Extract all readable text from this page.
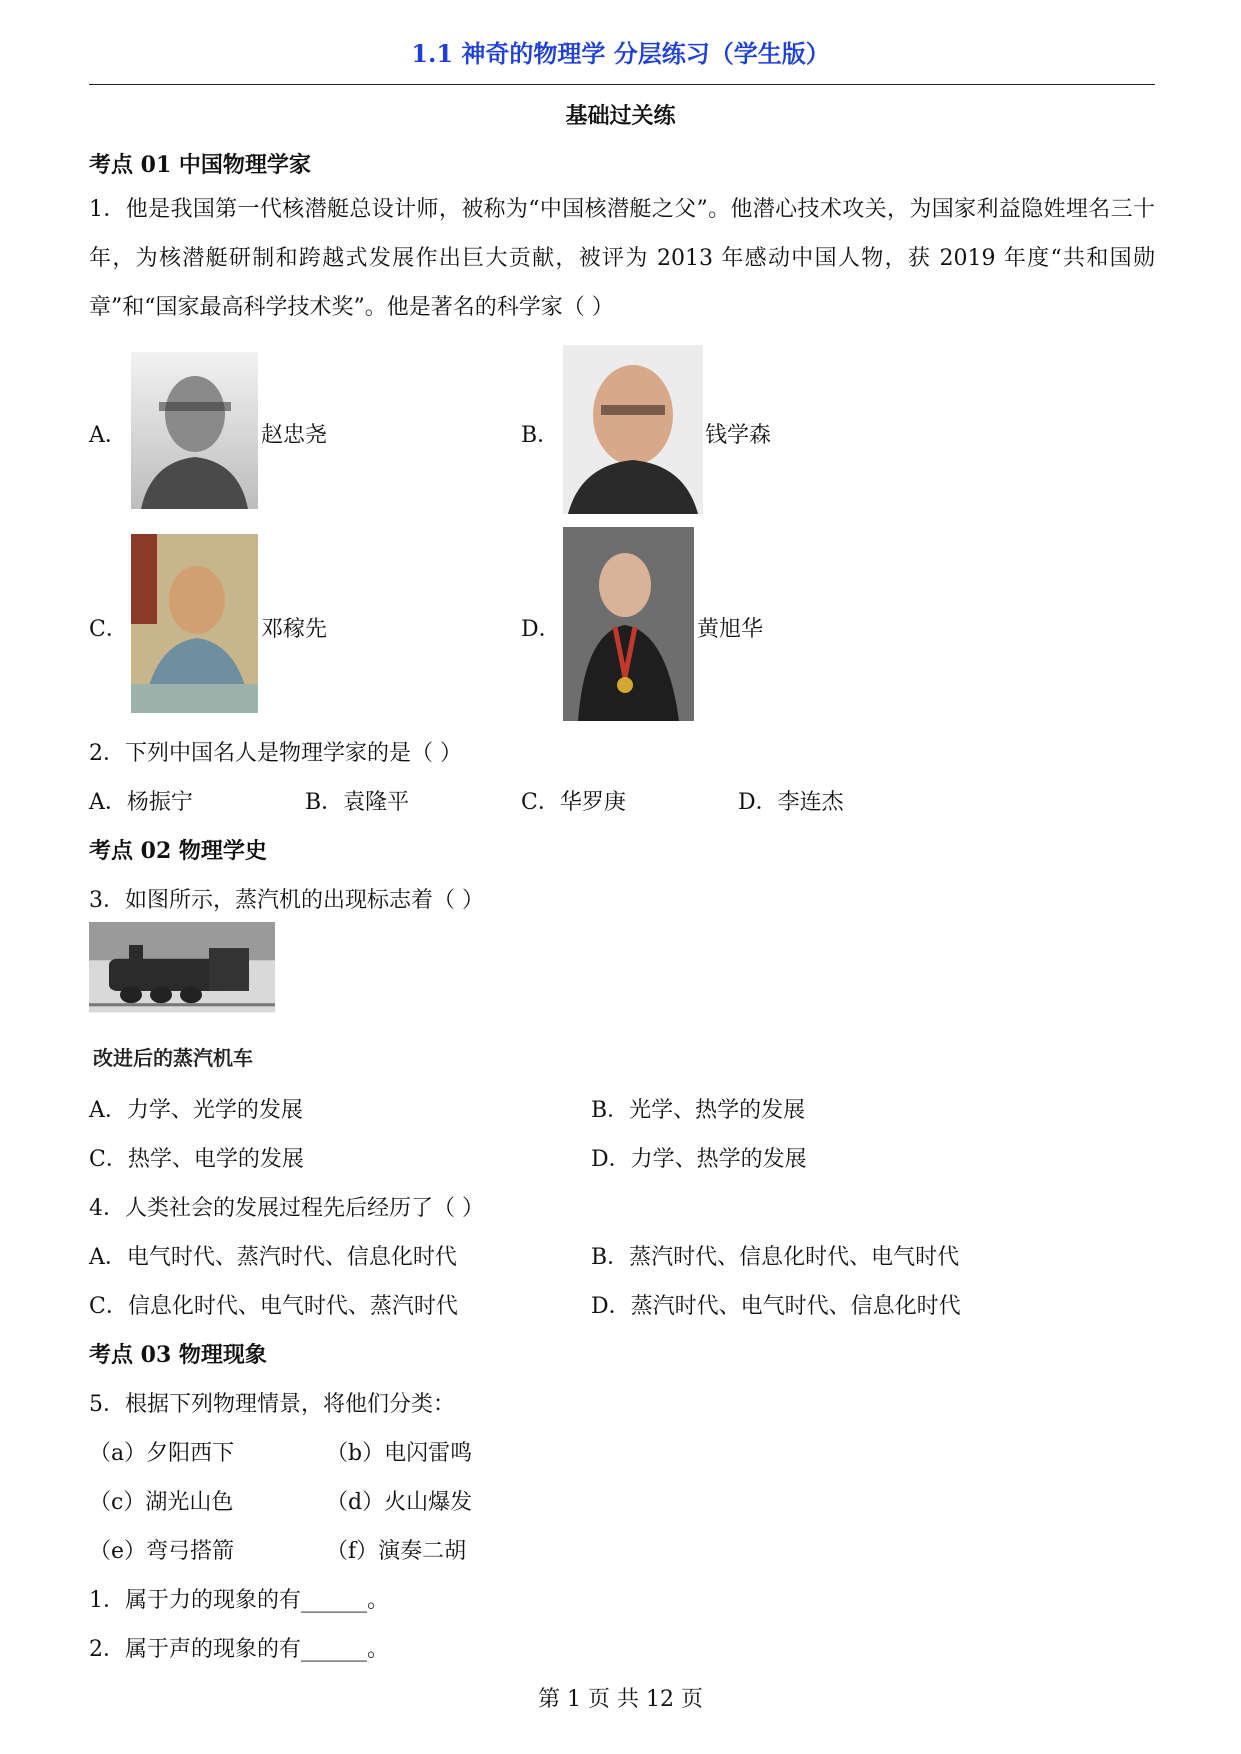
1.1 神奇的物理学 分层练习（学生版）
基础过关练
考点 01 中国物理学家
1．他是我国第一代核潜艇总设计师，被称为“中国核潜艇之父”。他潜心技术攻关，为国家利益隐姓埋名三十年，为核潜艇研制和跨越式发展作出巨大贡献，被评为 2013 年感动中国人物，获 2019 年度“共和国勋章”和“国家最高科学技术奖”。他是著名的科学家（ ）
A．	赵忠尧	B．	钱学森
C．	邓稼先	D．	黄旭华
2．下列中国名人是物理学家的是（ ）
A．杨振宁	B．袁隆平	C．华罗庚	D．李连杰
考点 02 物理学史
3．如图所示，蒸汽机的出现标志着（ ）
改进后的蒸汽机车
A．力学、光学的发展	B．光学、热学的发展
C．热学、电学的发展	D．力学、热学的发展
4．人类社会的发展过程先后经历了（ ）
A．电气时代、蒸汽时代、信息化时代	B．蒸汽时代、信息化时代、电气时代
C．信息化时代、电气时代、蒸汽时代	D．蒸汽时代、电气时代、信息化时代
考点 03 物理现象
5．根据下列物理情景，将他们分类：
（a）夕阳西下	（b）电闪雷鸣
（c）湖光山色	（d）火山爆发
（e）弯弓搭箭	（f）演奏二胡
1．属于力的现象的有______。
2．属于声的现象的有______。
第 1 页 共 12 页
